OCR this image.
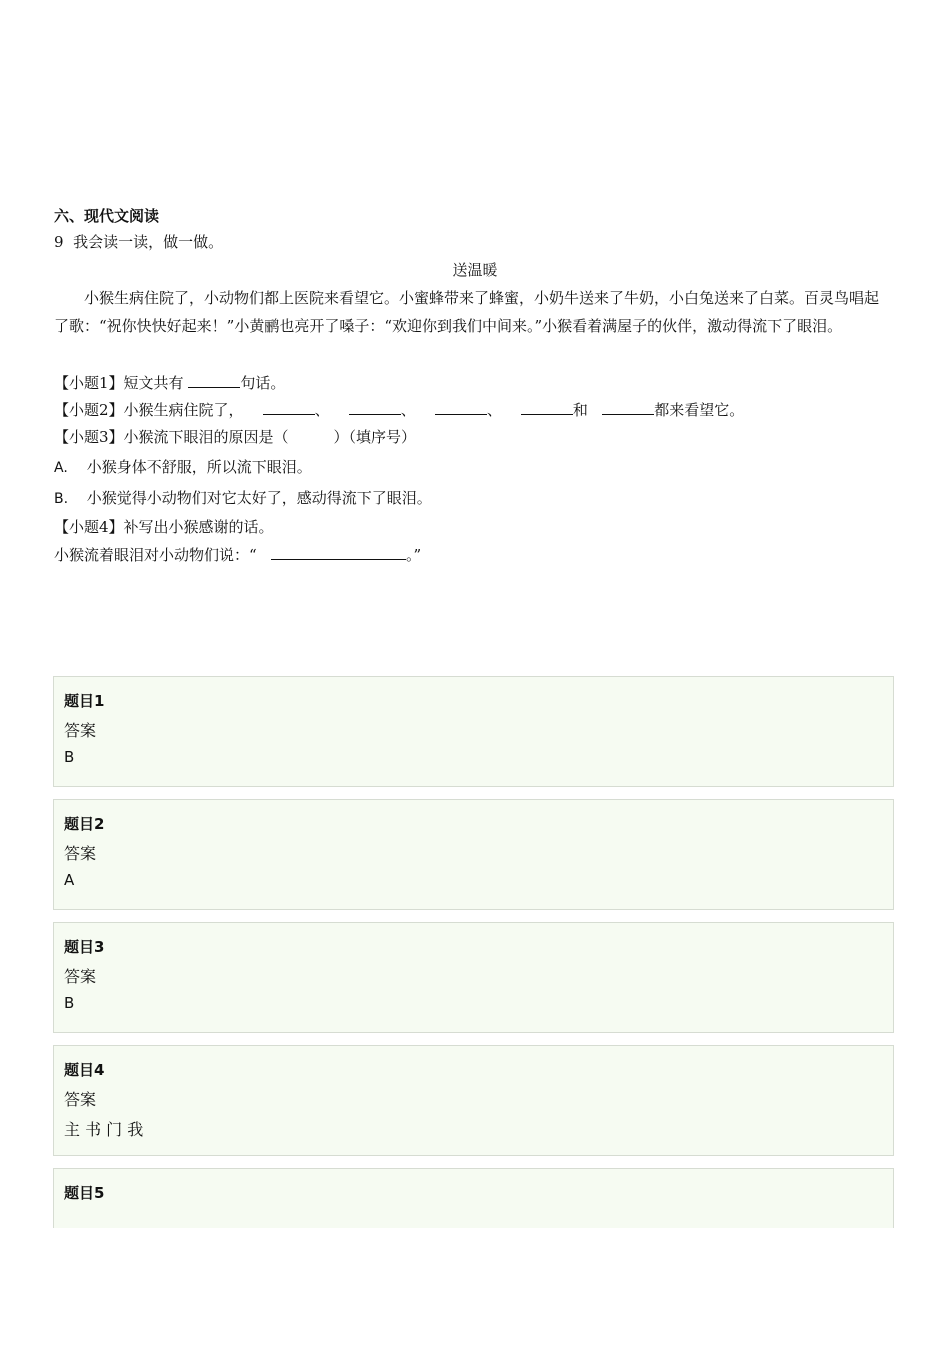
六、现代文阅读
9 我会读一读，做一做。
送温暖

小猴生病住院了，小动物们都上医院来看望它。小蜜蜂带来了蜂蜜，小奶牛送来了牛奶，小白兔送来了白菜。百灵鸟唱起了歌：“祝你快快好起来！”小黄鹂也亮开了嗓子：“欢迎你到我们中间来。”小猴看着满屋子的伙伴，激动得流下了眼泪。

【小题1】短文共有	句话。
【小题2】小猴生病住院了，	、	、	、	和	都来看望它。
【小题3】小猴流下眼泪的原因是（　　　）（填序号）
A. 小猴身体不舒服，所以流下眼泪。
B. 小猴觉得小动物们对它太好了，感动得流下了眼泪。
【小题4】补写出小猴感谢的话。
小猴流着眼泪对小动物们说：“	。”
题目1
答案
B
题目2
答案
A
题目3
答案
B
题目4
答案
主 书 门 我
题目5
